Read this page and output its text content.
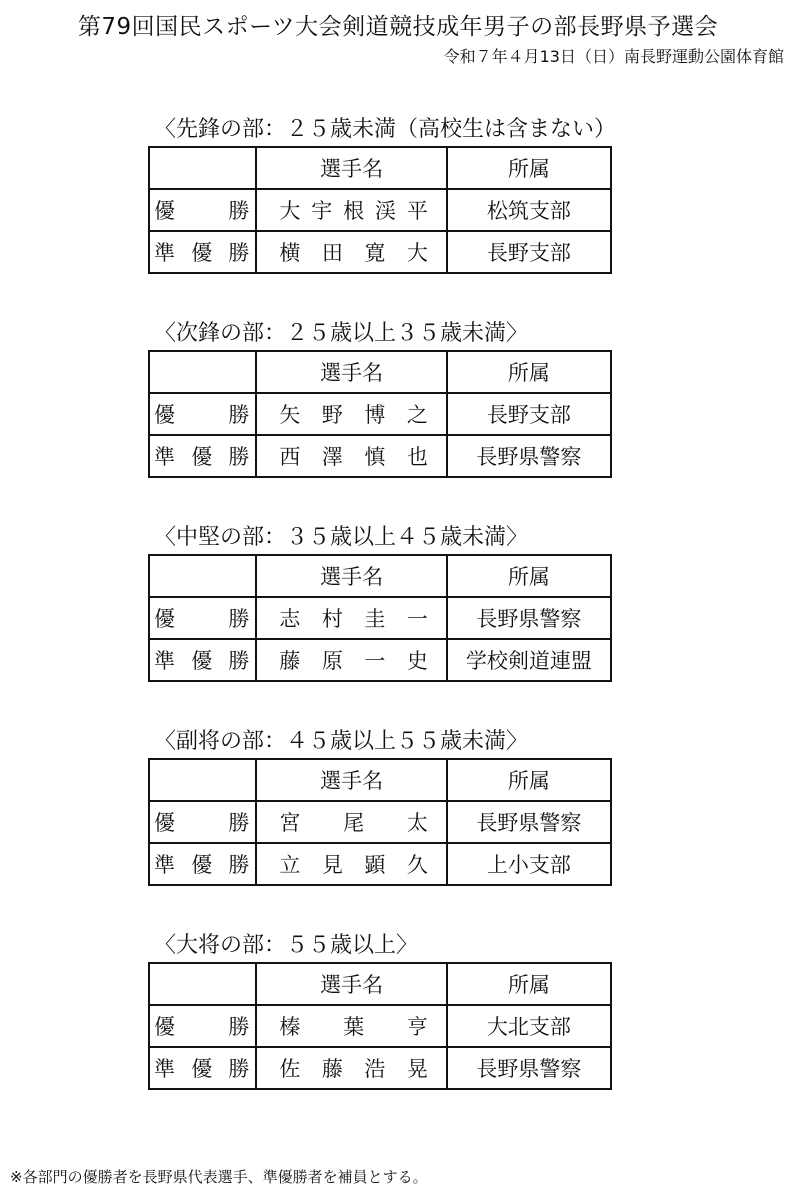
第79回国民スポーツ大会剣道競技成年男子の部長野県予選会
令和７年４月13日（日）南長野運動公園体育館
〈先鋒の部：２５歳未満（高校生は含まない）
	選手名	所属

優 勝	大 宇 根 渓 平	松筑支部

準 優 勝	横 田 寛 大	長野支部
〈次鋒の部：２５歳以上３５歳未満〉
	選手名	所属

優 勝	矢 野 博 之	長野支部

準 優 勝	西 澤 慎 也	長野県警察
〈中堅の部：３５歳以上４５歳未満〉
	選手名	所属

優 勝	志 村 圭 一	長野県警察

準 優 勝	藤 原 一 史	学校剣道連盟
〈副将の部：４５歳以上５５歳未満〉
	選手名	所属

優 勝	宮 尾 太	長野県警察

準 優 勝	立 見 顕 久	上小支部
〈大将の部：５５歳以上〉
	選手名	所属

優 勝	榛 葉 亨	大北支部

準 優 勝	佐 藤 浩 晃	長野県警察
※各部門の優勝者を長野県代表選手、準優勝者を補員とする。
